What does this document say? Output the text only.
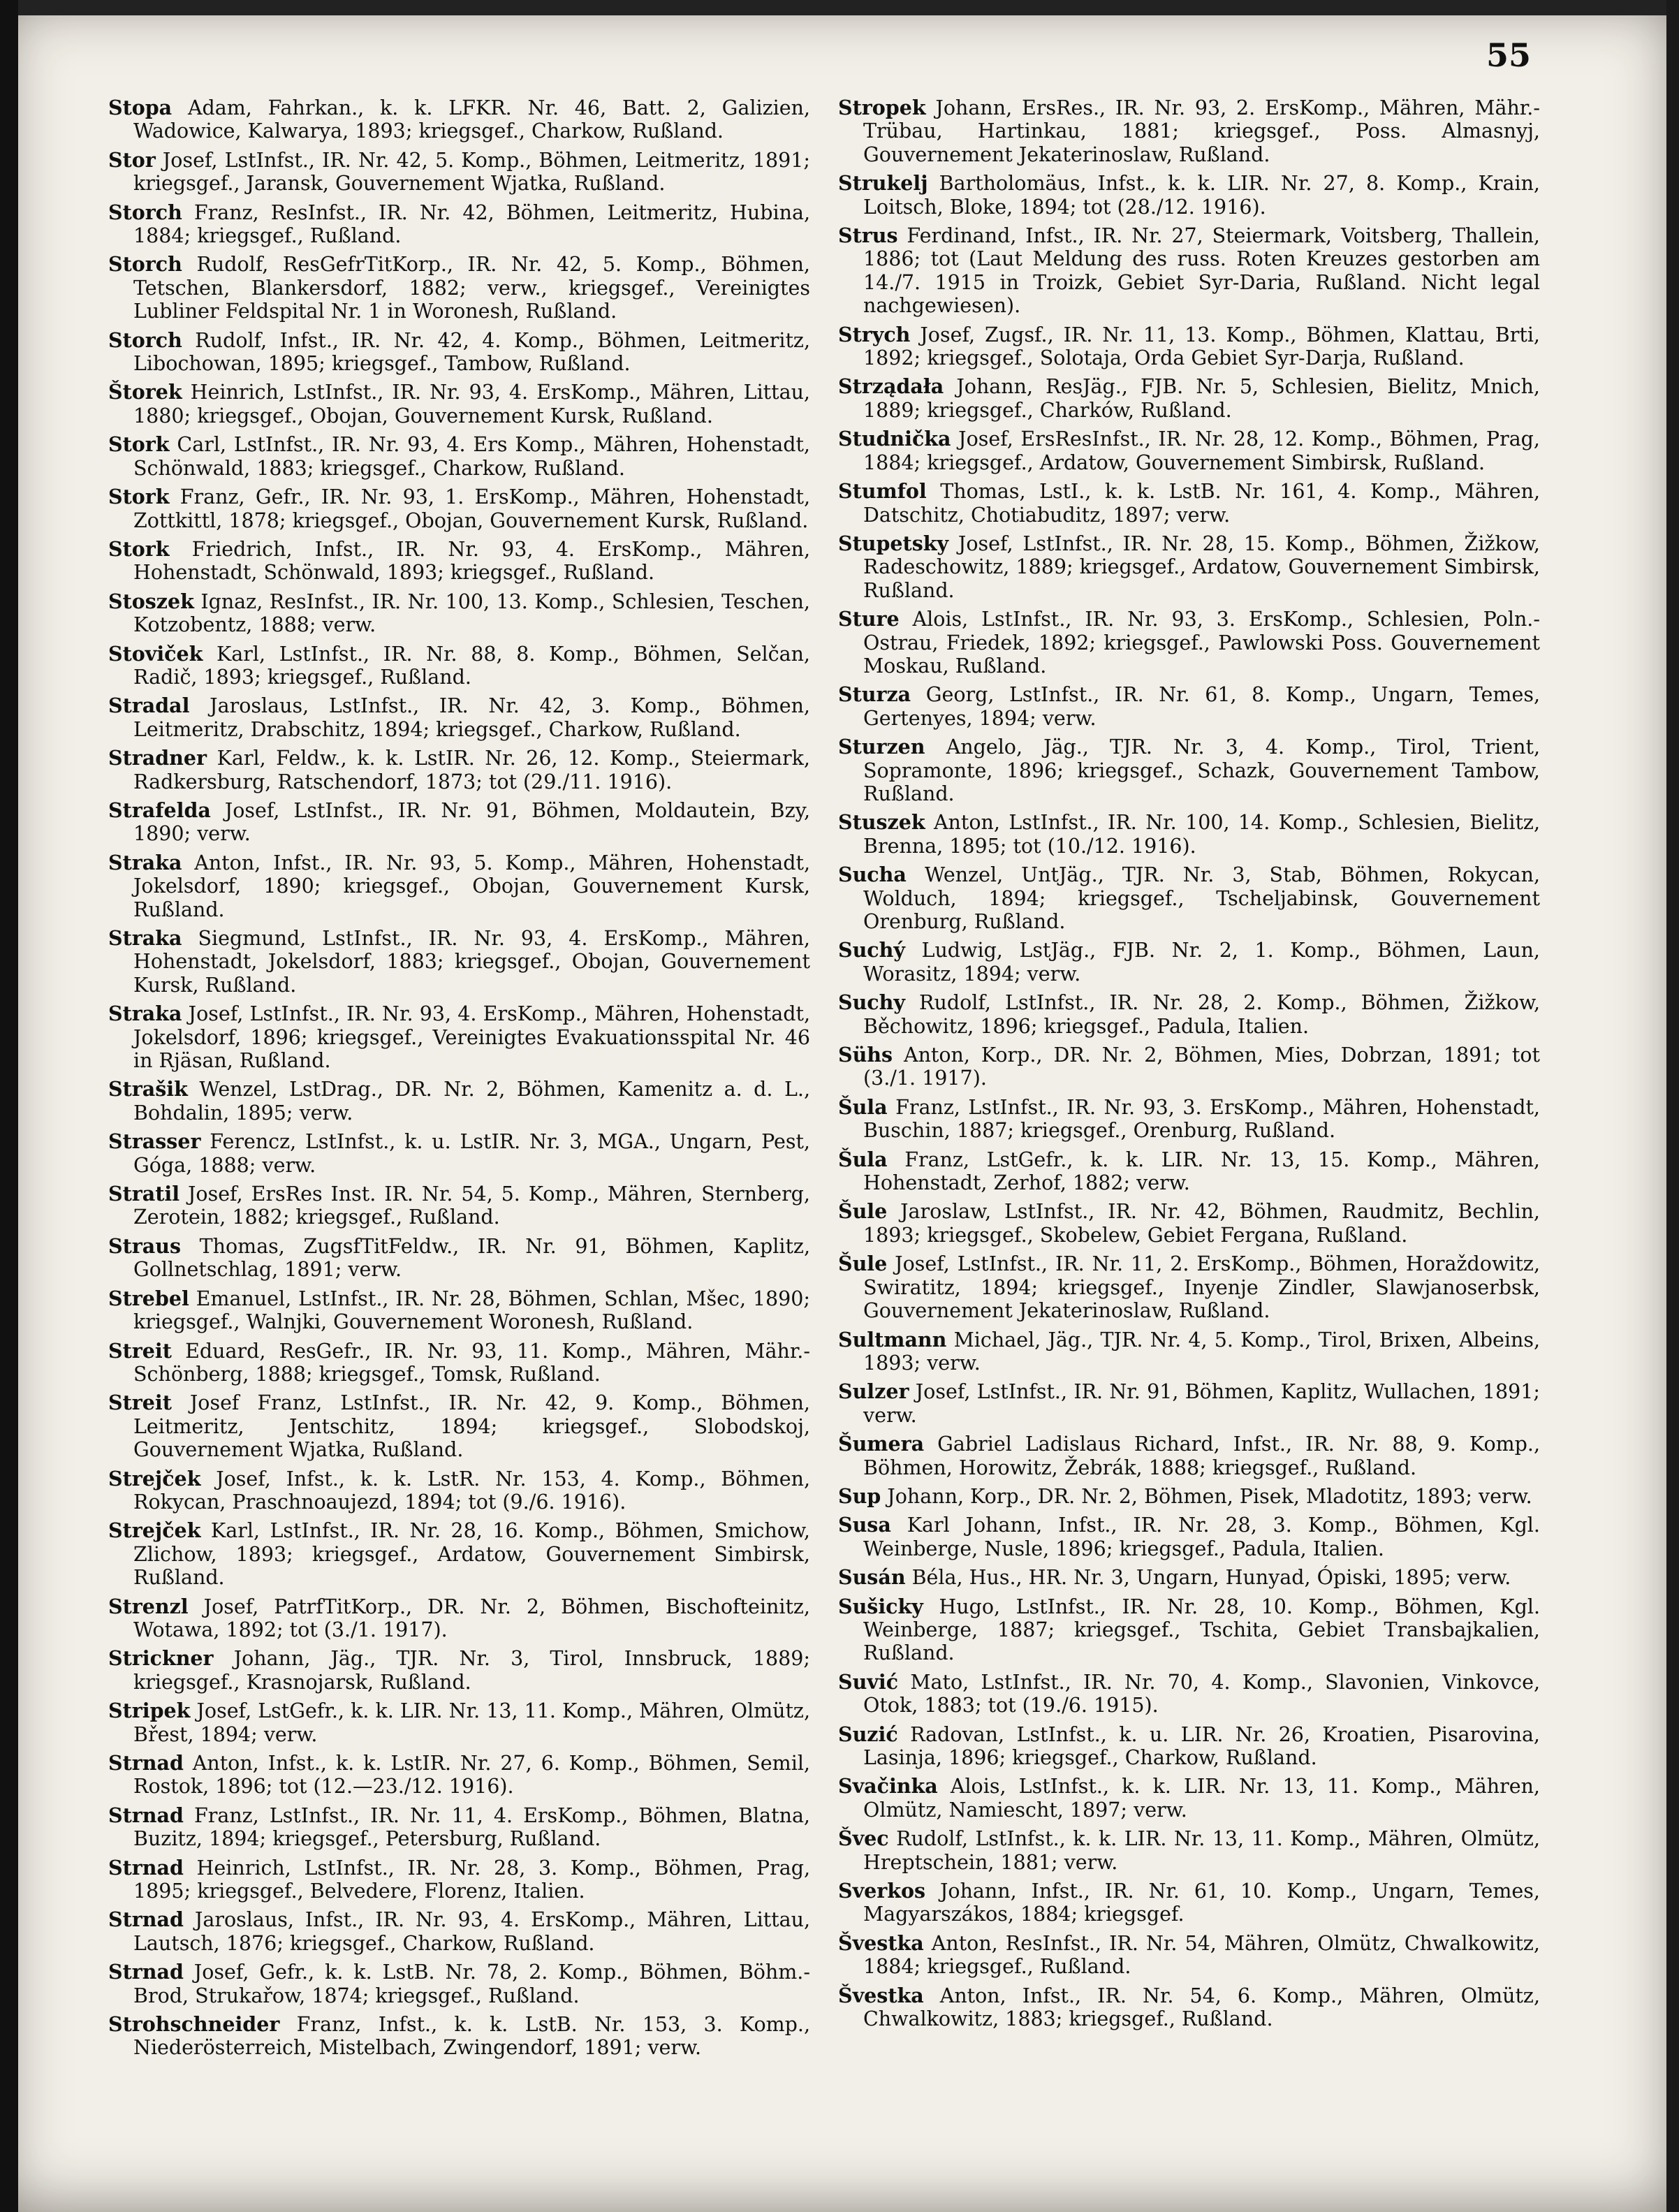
55

Stopa Adam, Fahrkan., k. k. LFKR. Nr. 46, Batt. 2, Galizien, Wadowice, Kalwarya, 1893; kriegsgef., Charkow, Rußland.

Stor Josef, LstInfst., IR. Nr. 42, 5. Komp., Böhmen, Leitmeritz, 1891; kriegsgef., Jaransk, Gouvernement Wjatka, Rußland.

Storch Franz, ResInfst., IR. Nr. 42, Böhmen, Leitmeritz, Hubina, 1884; kriegsgef., Rußland.

Storch Rudolf, ResGefrTitKorp., IR. Nr. 42, 5. Komp., Böhmen, Tetschen, Blankersdorf, 1882; verw., kriegsgef., Vereinigtes Lubliner Feldspital Nr. 1 in Woronesh, Rußland.

Storch Rudolf, Infst., IR. Nr. 42, 4. Komp., Böhmen, Leitmeritz, Libochowan, 1895; kriegsgef., Tambow, Rußland.

Štorek Heinrich, LstInfst., IR. Nr. 93, 4. ErsKomp., Mähren, Littau, 1880; kriegsgef., Obojan, Gouvernement Kursk, Rußland.

Stork Carl, LstInfst., IR. Nr. 93, 4. Ers Komp., Mähren, Hohenstadt, Schönwald, 1883; kriegsgef., Charkow, Rußland.

Stork Franz, Gefr., IR. Nr. 93, 1. ErsKomp., Mähren, Hohenstadt, Zottkittl, 1878; kriegsgef., Obojan, Gouvernement Kursk, Rußland.

Stork Friedrich, Infst., IR. Nr. 93, 4. ErsKomp., Mähren, Hohenstadt, Schönwald, 1893; kriegsgef., Rußland.

Stoszek Ignaz, ResInfst., IR. Nr. 100, 13. Komp., Schlesien, Teschen, Kotzobentz, 1888; verw.

Stoviček Karl, LstInfst., IR. Nr. 88, 8. Komp., Böhmen, Selčan, Radič, 1893; kriegsgef., Rußland.

Stradal Jaroslaus, LstInfst., IR. Nr. 42, 3. Komp., Böhmen, Leitmeritz, Drabschitz, 1894; kriegsgef., Charkow, Rußland.

Stradner Karl, Feldw., k. k. LstIR. Nr. 26, 12. Komp., Steiermark, Radkersburg, Ratschendorf, 1873; tot (29./11. 1916).

Strafelda Josef, LstInfst., IR. Nr. 91, Böhmen, Moldautein, Bzy, 1890; verw.

Straka Anton, Infst., IR. Nr. 93, 5. Komp., Mähren, Hohenstadt, Jokelsdorf, 1890; kriegsgef., Obojan, Gouvernement Kursk, Rußland.

Straka Siegmund, LstInfst., IR. Nr. 93, 4. ErsKomp., Mähren, Hohenstadt, Jokelsdorf, 1883; kriegsgef., Obojan, Gouvernement Kursk, Rußland.

Straka Josef, LstInfst., IR. Nr. 93, 4. ErsKomp., Mähren, Hohenstadt, Jokelsdorf, 1896; kriegsgef., Vereinigtes Evakuationsspital Nr. 46 in Rjäsan, Rußland.

Strašik Wenzel, LstDrag., DR. Nr. 2, Böhmen, Kamenitz a. d. L., Bohdalin, 1895; verw.

Strasser Ferencz, LstInfst., k. u. LstIR. Nr. 3, MGA., Ungarn, Pest, Góga, 1888; verw.

Stratil Josef, ErsRes Inst. IR. Nr. 54, 5. Komp., Mähren, Sternberg, Zerotein, 1882; kriegsgef., Rußland.

Straus Thomas, ZugsfTitFeldw., IR. Nr. 91, Böhmen, Kaplitz, Gollnetschlag, 1891; verw.

Strebel Emanuel, LstInfst., IR. Nr. 28, Böhmen, Schlan, Mšec, 1890; kriegsgef., Walnjki, Gouvernement Woronesh, Rußland.

Streit Eduard, ResGefr., IR. Nr. 93, 11. Komp., Mähren, Mähr.-Schönberg, 1888; kriegsgef., Tomsk, Rußland.

Streit Josef Franz, LstInfst., IR. Nr. 42, 9. Komp., Böhmen, Leitmeritz, Jentschitz, 1894; kriegsgef., Slobodskoj, Gouvernement Wjatka, Rußland.

Strejček Josef, Infst., k. k. LstR. Nr. 153, 4. Komp., Böhmen, Rokycan, Praschnoaujezd, 1894; tot (9./6. 1916).

Strejček Karl, LstInfst., IR. Nr. 28, 16. Komp., Böhmen, Smichow, Zlichow, 1893; kriegsgef., Ardatow, Gouvernement Simbirsk, Rußland.

Strenzl Josef, PatrfTitKorp., DR. Nr. 2, Böhmen, Bischofteinitz, Wotawa, 1892; tot (3./1. 1917).

Strickner Johann, Jäg., TJR. Nr. 3, Tirol, Innsbruck, 1889; kriegsgef., Krasnojarsk, Rußland.

Stripek Josef, LstGefr., k. k. LIR. Nr. 13, 11. Komp., Mähren, Olmütz, Břest, 1894; verw.

Strnad Anton, Infst., k. k. LstIR. Nr. 27, 6. Komp., Böhmen, Semil, Rostok, 1896; tot (12.—23./12. 1916).

Strnad Franz, LstInfst., IR. Nr. 11, 4. ErsKomp., Böhmen, Blatna, Buzitz, 1894; kriegsgef., Petersburg, Rußland.

Strnad Heinrich, LstInfst., IR. Nr. 28, 3. Komp., Böhmen, Prag, 1895; kriegsgef., Belvedere, Florenz, Italien.

Strnad Jaroslaus, Infst., IR. Nr. 93, 4. ErsKomp., Mähren, Littau, Lautsch, 1876; kriegsgef., Charkow, Rußland.

Strnad Josef, Gefr., k. k. LstB. Nr. 78, 2. Komp., Böhmen, Böhm.-Brod, Strukařow, 1874; kriegsgef., Rußland.

Strohschneider Franz, Infst., k. k. LstB. Nr. 153, 3. Komp., Niederösterreich, Mistelbach, Zwingendorf, 1891; verw.

Stropek Johann, ErsRes., IR. Nr. 93, 2. ErsKomp., Mähren, Mähr.-Trübau, Hartinkau, 1881; kriegsgef., Poss. Almasnyj, Gouvernement Jekaterinoslaw, Rußland.

Strukelj Bartholomäus, Infst., k. k. LIR. Nr. 27, 8. Komp., Krain, Loitsch, Bloke, 1894; tot (28./12. 1916).

Strus Ferdinand, Infst., IR. Nr. 27, Steiermark, Voitsberg, Thallein, 1886; tot (Laut Meldung des russ. Roten Kreuzes gestorben am 14./7. 1915 in Troizk, Gebiet Syr-Daria, Rußland. Nicht legal nachgewiesen).

Strych Josef, Zugsf., IR. Nr. 11, 13. Komp., Böhmen, Klattau, Brti, 1892; kriegsgef., Solotaja, Orda Gebiet Syr-Darja, Rußland.

Strządała Johann, ResJäg., FJB. Nr. 5, Schlesien, Bielitz, Mnich, 1889; kriegsgef., Charków, Rußland.

Studnička Josef, ErsResInfst., IR. Nr. 28, 12. Komp., Böhmen, Prag, 1884; kriegsgef., Ardatow, Gouvernement Simbirsk, Rußland.

Stumfol Thomas, LstI., k. k. LstB. Nr. 161, 4. Komp., Mähren, Datschitz, Chotiabuditz, 1897; verw.

Stupetsky Josef, LstInfst., IR. Nr. 28, 15. Komp., Böhmen, Žižkow, Radeschowitz, 1889; kriegsgef., Ardatow, Gouvernement Simbirsk, Rußland.

Sture Alois, LstInfst., IR. Nr. 93, 3. ErsKomp., Schlesien, Poln.-Ostrau, Friedek, 1892; kriegsgef., Pawlowski Poss. Gouvernement Moskau, Rußland.

Sturza Georg, LstInfst., IR. Nr. 61, 8. Komp., Ungarn, Temes, Gertenyes, 1894; verw.

Sturzen Angelo, Jäg., TJR. Nr. 3, 4. Komp., Tirol, Trient, Sopramonte, 1896; kriegsgef., Schazk, Gouvernement Tambow, Rußland.

Stuszek Anton, LstInfst., IR. Nr. 100, 14. Komp., Schlesien, Bielitz, Brenna, 1895; tot (10./12. 1916).

Sucha Wenzel, UntJäg., TJR. Nr. 3, Stab, Böhmen, Rokycan, Wolduch, 1894; kriegsgef., Tscheljabinsk, Gouvernement Orenburg, Rußland.

Suchý Ludwig, LstJäg., FJB. Nr. 2, 1. Komp., Böhmen, Laun, Worasitz, 1894; verw.

Suchy Rudolf, LstInfst., IR. Nr. 28, 2. Komp., Böhmen, Žižkow, Běchowitz, 1896; kriegsgef., Padula, Italien.

Sühs Anton, Korp., DR. Nr. 2, Böhmen, Mies, Dobrzan, 1891; tot (3./1. 1917).

Šula Franz, LstInfst., IR. Nr. 93, 3. ErsKomp., Mähren, Hohenstadt, Buschin, 1887; kriegsgef., Orenburg, Rußland.

Šula Franz, LstGefr., k. k. LIR. Nr. 13, 15. Komp., Mähren, Hohenstadt, Zerhof, 1882; verw.

Šule Jaroslaw, LstInfst., IR. Nr. 42, Böhmen, Raudmitz, Bechlin, 1893; kriegsgef., Skobelew, Gebiet Fergana, Rußland.

Šule Josef, LstInfst., IR. Nr. 11, 2. ErsKomp., Böhmen, Horaždowitz, Swiratitz, 1894; kriegsgef., Inyenje Zindler, Slawjanoserbsk, Gouvernement Jekaterinoslaw, Rußland.

Sultmann Michael, Jäg., TJR. Nr. 4, 5. Komp., Tirol, Brixen, Albeins, 1893; verw.

Sulzer Josef, LstInfst., IR. Nr. 91, Böhmen, Kaplitz, Wullachen, 1891; verw.

Šumera Gabriel Ladislaus Richard, Infst., IR. Nr. 88, 9. Komp., Böhmen, Horowitz, Žebrák, 1888; kriegsgef., Rußland.

Sup Johann, Korp., DR. Nr. 2, Böhmen, Pisek, Mladotitz, 1893; verw.

Susa Karl Johann, Infst., IR. Nr. 28, 3. Komp., Böhmen, Kgl. Weinberge, Nusle, 1896; kriegsgef., Padula, Italien.

Susán Béla, Hus., HR. Nr. 3, Ungarn, Hunyad, Ópiski, 1895; verw.

Sušicky Hugo, LstInfst., IR. Nr. 28, 10. Komp., Böhmen, Kgl. Weinberge, 1887; kriegsgef., Tschita, Gebiet Transbajkalien, Rußland.

Suvić Mato, LstInfst., IR. Nr. 70, 4. Komp., Slavonien, Vinkovce, Otok, 1883; tot (19./6. 1915).

Suzić Radovan, LstInfst., k. u. LIR. Nr. 26, Kroatien, Pisarovina, Lasinja, 1896; kriegsgef., Charkow, Rußland.

Svačinka Alois, LstInfst., k. k. LIR. Nr. 13, 11. Komp., Mähren, Olmütz, Namiescht, 1897; verw.

Švec Rudolf, LstInfst., k. k. LIR. Nr. 13, 11. Komp., Mähren, Olmütz, Hreptschein, 1881; verw.

Sverkos Johann, Infst., IR. Nr. 61, 10. Komp., Ungarn, Temes, Magyarszákos, 1884; kriegsgef.

Švestka Anton, ResInfst., IR. Nr. 54, Mähren, Olmütz, Chwalkowitz, 1884; kriegsgef., Rußland.

Švestka Anton, Infst., IR. Nr. 54, 6. Komp., Mähren, Olmütz, Chwalkowitz, 1883; kriegsgef., Rußland.
